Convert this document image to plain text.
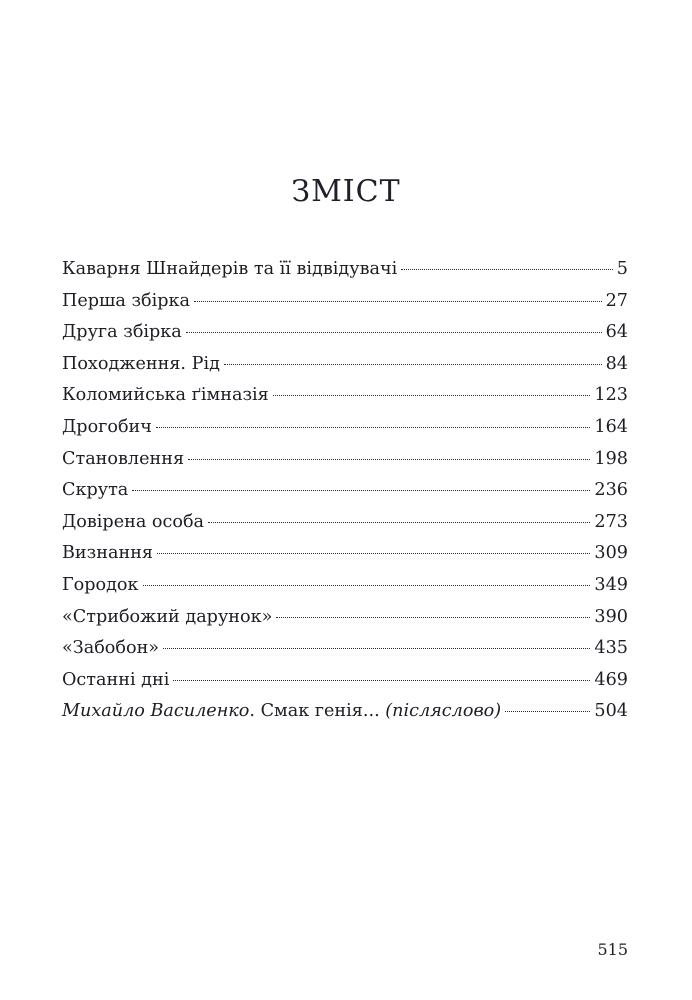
ЗМІСТ
Каварня Шнайдерів та її відвідувачі	5
Перша збірка	27
Друга збірка	64
Походження. Рід	84
Коломийська ґімназія	123
Дрогобич	164
Становлення	198
Скрута	236
Довірена особа	273
Визнання	309
Городок	349
«Стрибожий дарунок»	390
«Забобон»	435
Останні дні	469
Михайло Василенко. Смак генія... (післяслово)	504
515
